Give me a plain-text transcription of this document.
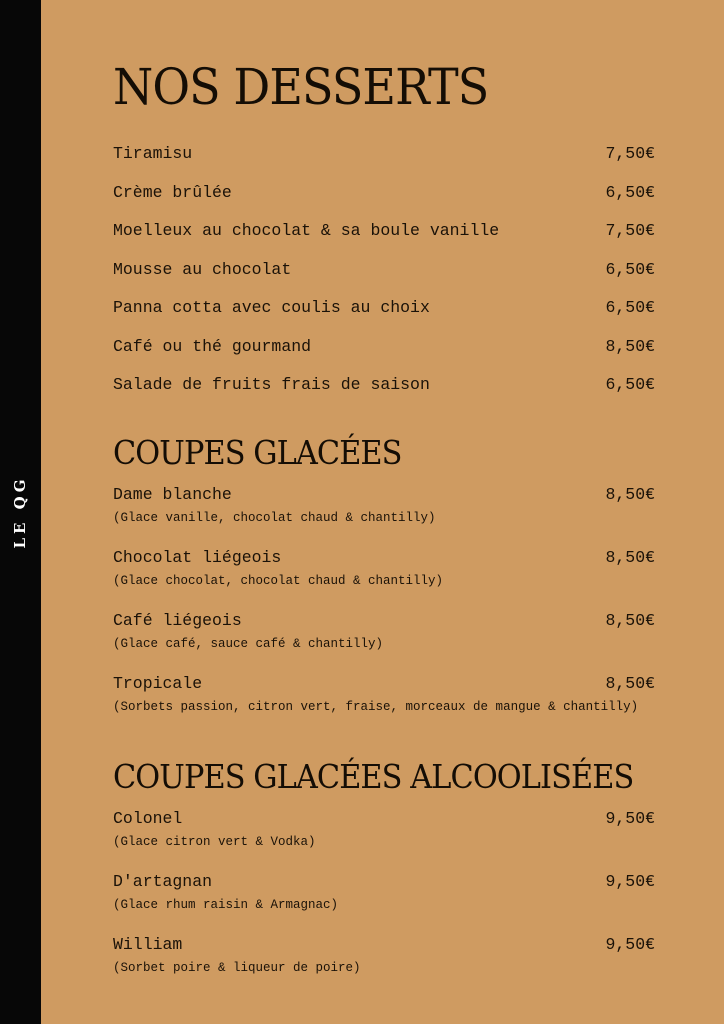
LE QG
NOS DESSERTS
Tiramisu	7,50€
Crème brûlée	6,50€
Moelleux au chocolat & sa boule vanille	7,50€
Mousse au chocolat	6,50€
Panna cotta avec coulis au choix	6,50€
Café ou thé gourmand	8,50€
Salade de fruits frais de saison	6,50€
COUPES GLACÉES
Dame blanche	8,50€
(Glace vanille, chocolat chaud & chantilly)
Chocolat liégeois	8,50€
(Glace chocolat, chocolat chaud & chantilly)
Café liégeois	8,50€
(Glace café, sauce café & chantilly)
Tropicale	8,50€
(Sorbets passion, citron vert, fraise, morceaux de mangue & chantilly)
COUPES GLACÉES ALCOOLISÉES
Colonel	9,50€
(Glace citron vert & Vodka)
D'artagnan	9,50€
(Glace rhum raisin & Armagnac)
William	9,50€
(Sorbet poire & liqueur de poire)
